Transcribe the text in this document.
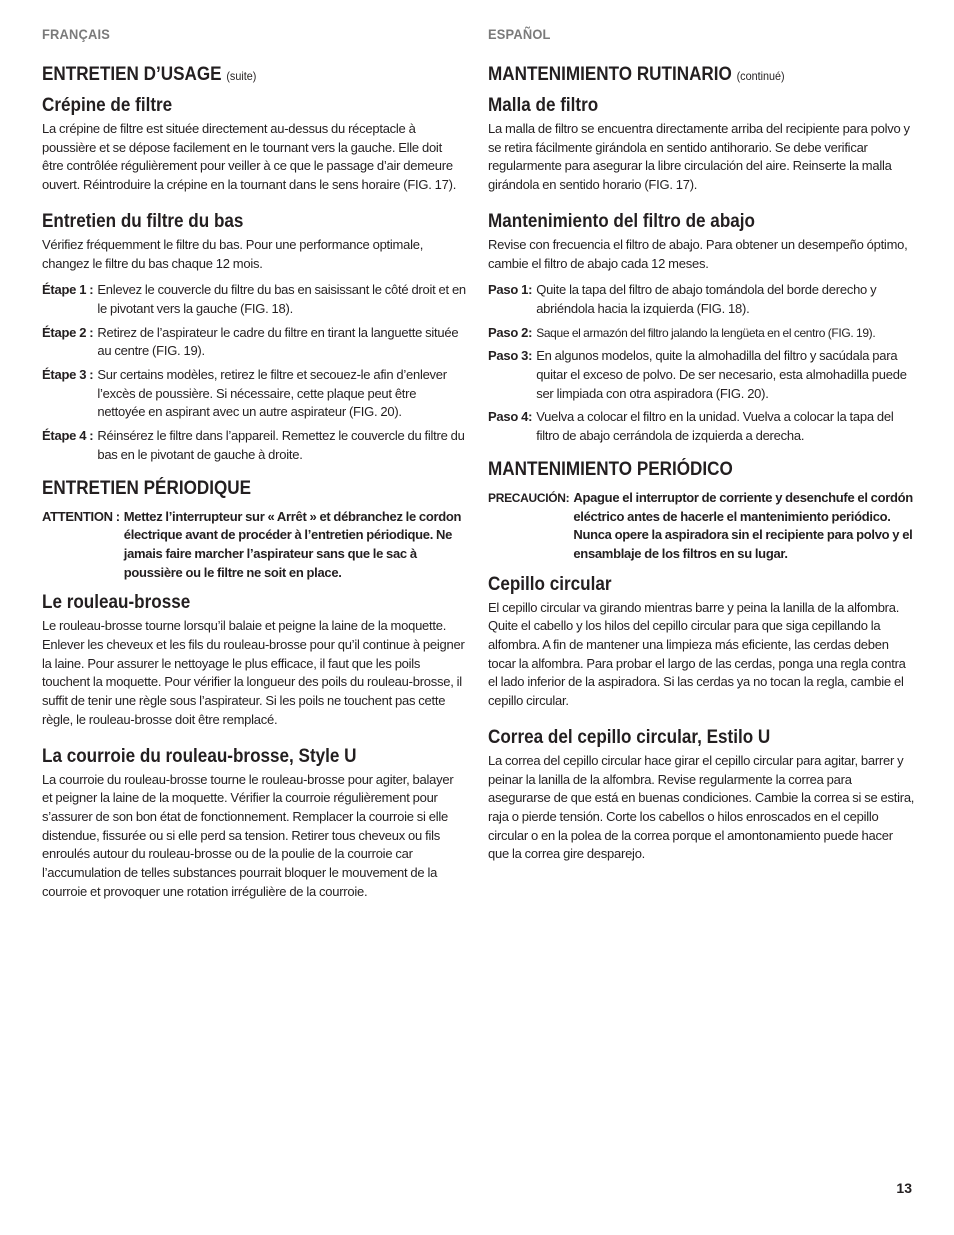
FRANÇAIS
ENTRETIEN D’USAGE (suite)
Crépine de filtre

La crépine de filtre est située directement au-dessus du réceptacle à poussière et se dépose facilement en le tournant vers la gauche. Elle doit être contrôlée régulièrement pour veiller à ce que le passage d’air demeure ouvert. Réintroduire la crépine en la tournant dans le sens horaire (FIG. 17).

Entretien du filtre du bas

Vérifiez fréquemment le filtre du bas. Pour une performance optimale, changez le filtre du bas chaque 12 mois.

Étape 1 : Enlevez le couvercle du filtre du bas en saisissant le côté droit et en le pivotant vers la gauche (FIG. 18).
Étape 2 : Retirez de l’aspirateur le cadre du filtre en tirant la languette située au centre (FIG. 19).
Étape 3 : Sur certains modèles, retirez le filtre et secouez-le afin d’enlever l’excès de poussière. Si nécessaire, cette plaque peut être nettoyée en aspirant avec un autre aspirateur (FIG. 20).
Étape 4 : Réinsérez le filtre dans l’appareil. Remettez le couvercle du filtre du bas en le pivotant de gauche à droite.
ENTRETIEN PÉRIODIQUE
ATTENTION : Mettez l’interrupteur sur « Arrêt » et débranchez le cordon électrique avant de procéder à l’entretien périodique. Ne jamais faire marcher l’aspirateur sans que le sac à poussière ou le filtre ne soit en place.
Le rouleau-brosse

Le rouleau-brosse tourne lorsqu’il balaie et peigne la laine de la moquette. Enlever les cheveux et les fils du rouleau-brosse pour qu’il continue à peigner la laine. Pour assurer le nettoyage le plus efficace, il faut que les poils touchent la moquette. Pour vérifier la longueur des poils du rouleau-brosse, il suffit de tenir une règle sous l’aspirateur. Si les poils ne touchent pas cette règle, le rouleau-brosse doit être remplacé.

La courroie du rouleau-brosse, Style U

La courroie du rouleau-brosse tourne le rouleau-brosse pour agiter, balayer et peigner la laine de la moquette. Vérifier la courroie régulièrement pour s’assurer de son bon état de fonctionnement. Remplacer la courroie si elle distendue, fissurée ou si elle perd sa tension. Retirer tous cheveux ou fils enroulés autour du rouleau-brosse ou de la poulie de la courroie car l’accumulation de telles substances pourrait bloquer le mouvement de la courroie et provoquer une rotation irrégulière de la courroie.

ESPAÑOL
MANTENIMIENTO RUTINARIO (continué)
Malla de filtro

La malla de filtro se encuentra directamente arriba del recipiente para polvo y se retira fácilmente girándola en sentido antihorario. Se debe verificar regularmente para asegurar la libre circulación del aire. Reinserte la malla girándola en sentido horario (FIG. 17).

Mantenimiento del filtro de abajo

Revise con frecuencia el filtro de abajo. Para obtener un desempeño óptimo, cambie el filtro de abajo cada 12 meses.

Paso 1: Quite la tapa del filtro de abajo tomándola del borde derecho y abriéndola hacia la izquierda (FIG. 18).
Paso 2: Saque el armazón del filtro jalando la lengüeta en el centro (FIG. 19).
Paso 3: En algunos modelos, quite la almohadilla del filtro y sacúdala para quitar el exceso de polvo. De ser necesario, esta almohadilla puede ser limpiada con otra aspiradora (FIG. 20).
Paso 4: Vuelva a colocar el filtro en la unidad. Vuelva a colocar la tapa del filtro de abajo cerrándola de izquierda a derecha.
MANTENIMIENTO PERIÓDICO
PRECAUCIÓN: Apague el interruptor de corriente y desenchufe el cordón eléctrico antes de hacerle el mantenimiento periódico. Nunca opere la aspiradora sin el recipiente para polvo y el ensamblaje de los filtros en su lugar.
Cepillo circular

El cepillo circular va girando mientras barre y peina la lanilla de la alfombra. Quite el cabello y los hilos del cepillo circular para que siga cepillando la alfombra. A fin de mantener una limpieza más eficiente, las cerdas deben tocar la alfombra. Para probar el largo de las cerdas, ponga una regla contra el lado inferior de la aspiradora. Si las cerdas ya no tocan la regla, cambie el cepillo circular.

Correa del cepillo circular, Estilo U

La correa del cepillo circular hace girar el cepillo circular para agitar, barrer y peinar la lanilla de la alfombra. Revise regularmente la correa para asegurarse de que está en buenas condiciones. Cambie la correa si se estira, raja o pierde tensión. Corte los cabellos o hilos enroscados en el cepillo circular o en la polea de la correa porque el amontonamiento puede hacer que la correa gire desparejo.

13
